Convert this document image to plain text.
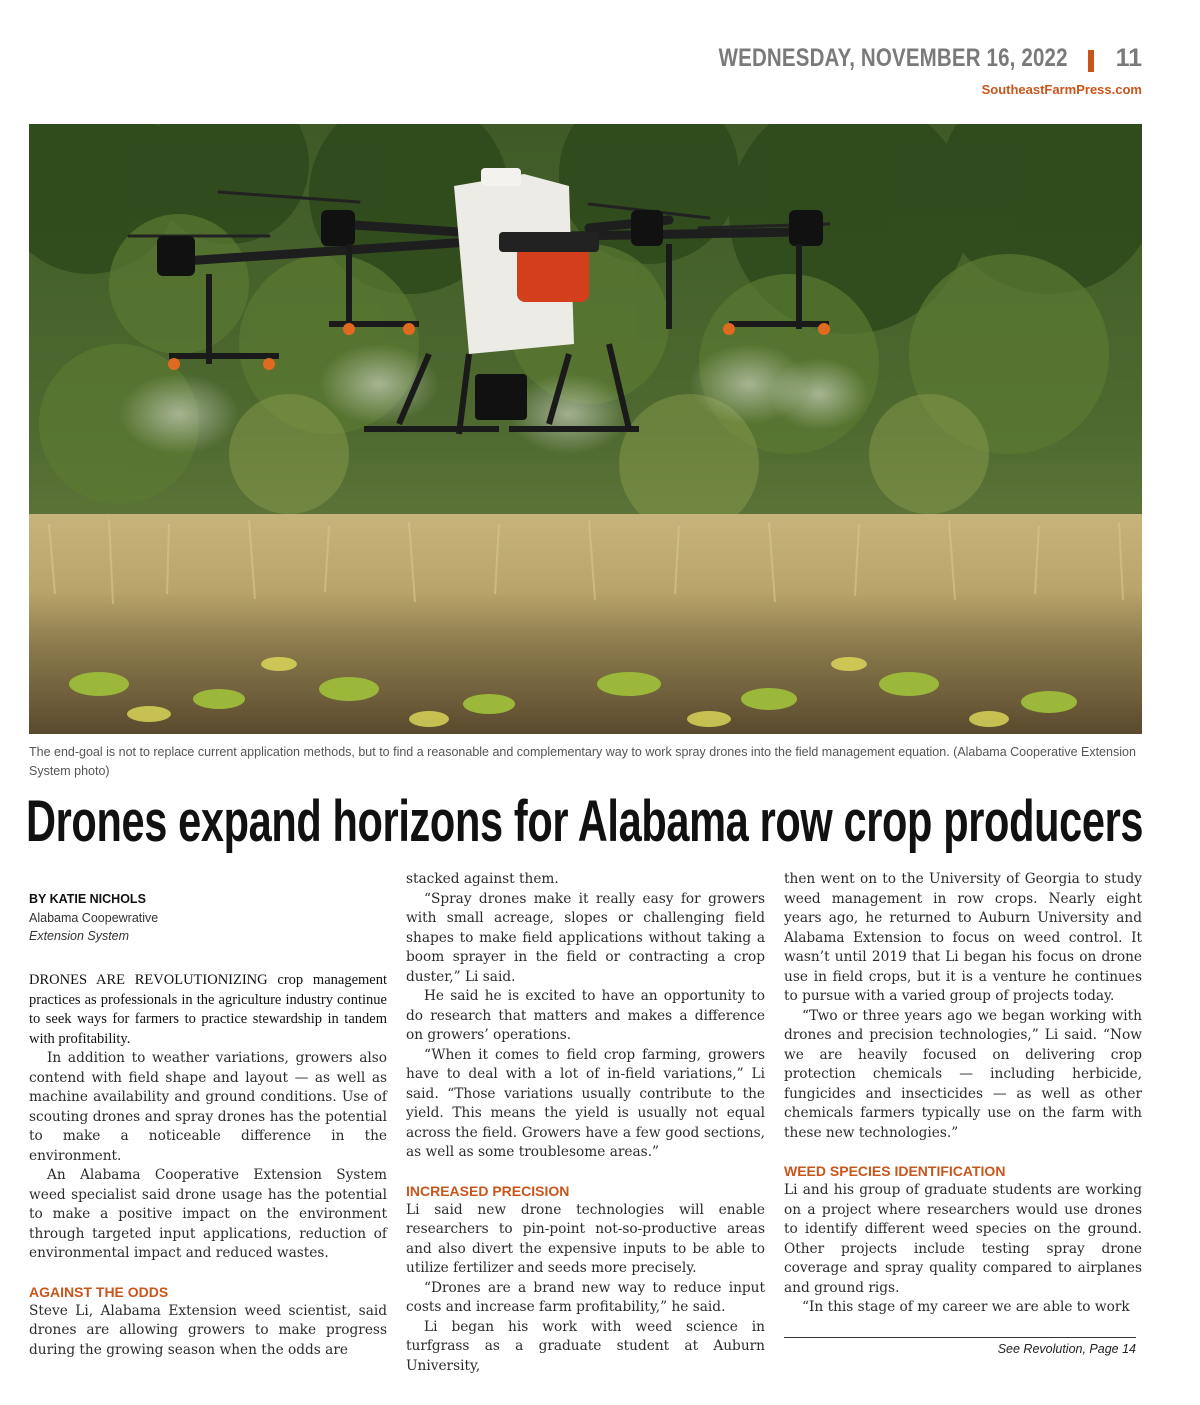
WEDNESDAY, NOVEMBER 16, 2022 11
SoutheastFarmPress.com
The end-goal is not to replace current application methods, but to find a reasonable and complementary way to work spray drones into the field management equation. (Alabama Cooperative Extension System photo)
Drones expand horizons for Alabama row crop producers
BY KATIE NICHOLS
Alabama Coopewrative
Extension System

DRONES ARE REVOLUTIONIZING crop management practices as professionals in the agriculture industry continue to seek ways for farmers to practice stewardship in tandem with profitability.

In addition to weather variations, growers also contend with field shape and layout — as well as machine availability and ground conditions. Use of scouting drones and spray drones has the potential to make a noticeable difference in the environment.

An Alabama Cooperative Extension System weed specialist said drone usage has the potential to make a positive impact on the environment through targeted input applications, reduction of environmental impact and reduced wastes.

AGAINST THE ODDS

Steve Li, Alabama Extension weed scientist, said drones are allowing growers to make progress during the growing season when the odds are

stacked against them.

“Spray drones make it really easy for growers with small acreage, slopes or challenging field shapes to make field applications without taking a boom sprayer in the field or contracting a crop duster,” Li said.

He said he is excited to have an opportunity to do research that matters and makes a difference on growers’ operations.

“When it comes to field crop farming, growers have to deal with a lot of in-field variations,” Li said. “Those variations usually contribute to the yield. This means the yield is usually not equal across the field. Growers have a few good sections, as well as some troublesome areas.”

INCREASED PRECISION

Li said new drone technologies will enable researchers to pin-point not-so-productive areas and also divert the expensive inputs to be able to utilize fertilizer and seeds more precisely.

“Drones are a brand new way to reduce input costs and increase farm profitability,” he said.

Li began his work with weed science in turfgrass as a graduate student at Auburn University,

then went on to the University of Georgia to study weed management in row crops. Nearly eight years ago, he returned to Auburn University and Alabama Extension to focus on weed control. It wasn’t until 2019 that Li began his focus on drone use in field crops, but it is a venture he continues to pursue with a varied group of projects today.

“Two or three years ago we began working with drones and precision technologies,” Li said. “Now we are heavily focused on delivering crop protection chemicals — including herbicide, fungicides and insecticides — as well as other chemicals farmers typically use on the farm with these new technologies.”

WEED SPECIES IDENTIFICATION

Li and his group of graduate students are working on a project where researchers would use drones to identify different weed species on the ground. Other projects include testing spray drone coverage and spray quality compared to airplanes and ground rigs.

“In this stage of my career we are able to work

See Revolution, Page 14
